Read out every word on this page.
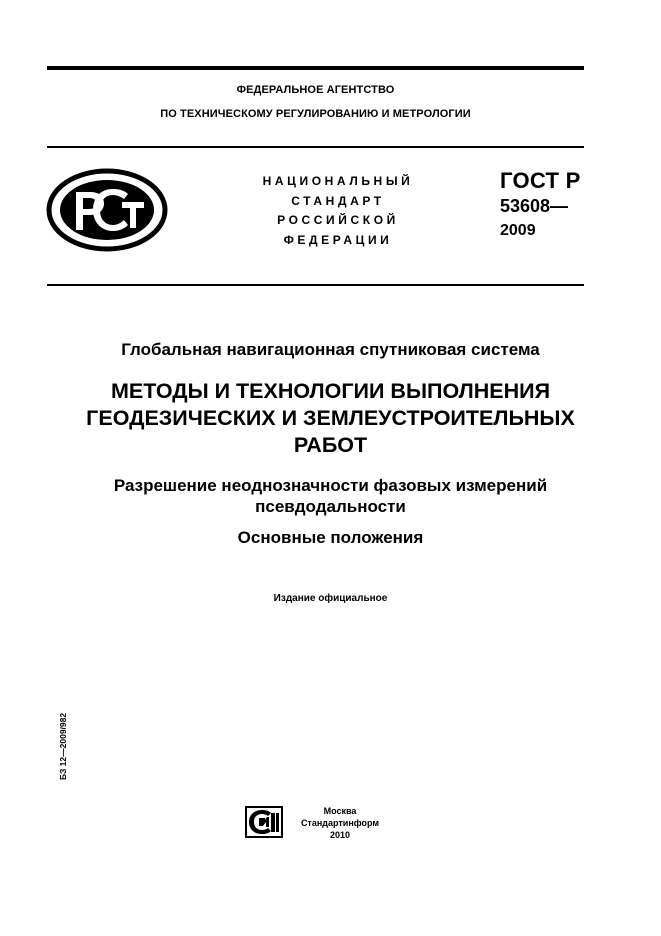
ФЕДЕРАЛЬНОЕ АГЕНТСТВО
ПО ТЕХНИЧЕСКОМУ РЕГУЛИРОВАНИЮ И МЕТРОЛОГИИ
НАЦИОНАЛЬНЫЙ
СТАНДАРТ
РОССИЙСКОЙ
ФЕДЕРАЦИИ
ГОСТ Р
53608—
2009
Глобальная навигационная спутниковая система
МЕТОДЫ И ТЕХНОЛОГИИ ВЫПОЛНЕНИЯ
ГЕОДЕЗИЧЕСКИХ И ЗЕМЛЕУСТРОИТЕЛЬНЫХ
РАБОТ
Разрешение неоднозначности фазовых измерений
псевдодальности
Основные положения
Издание официальное
БЗ 12—2009/982
Москва
Стандартинформ
2010
